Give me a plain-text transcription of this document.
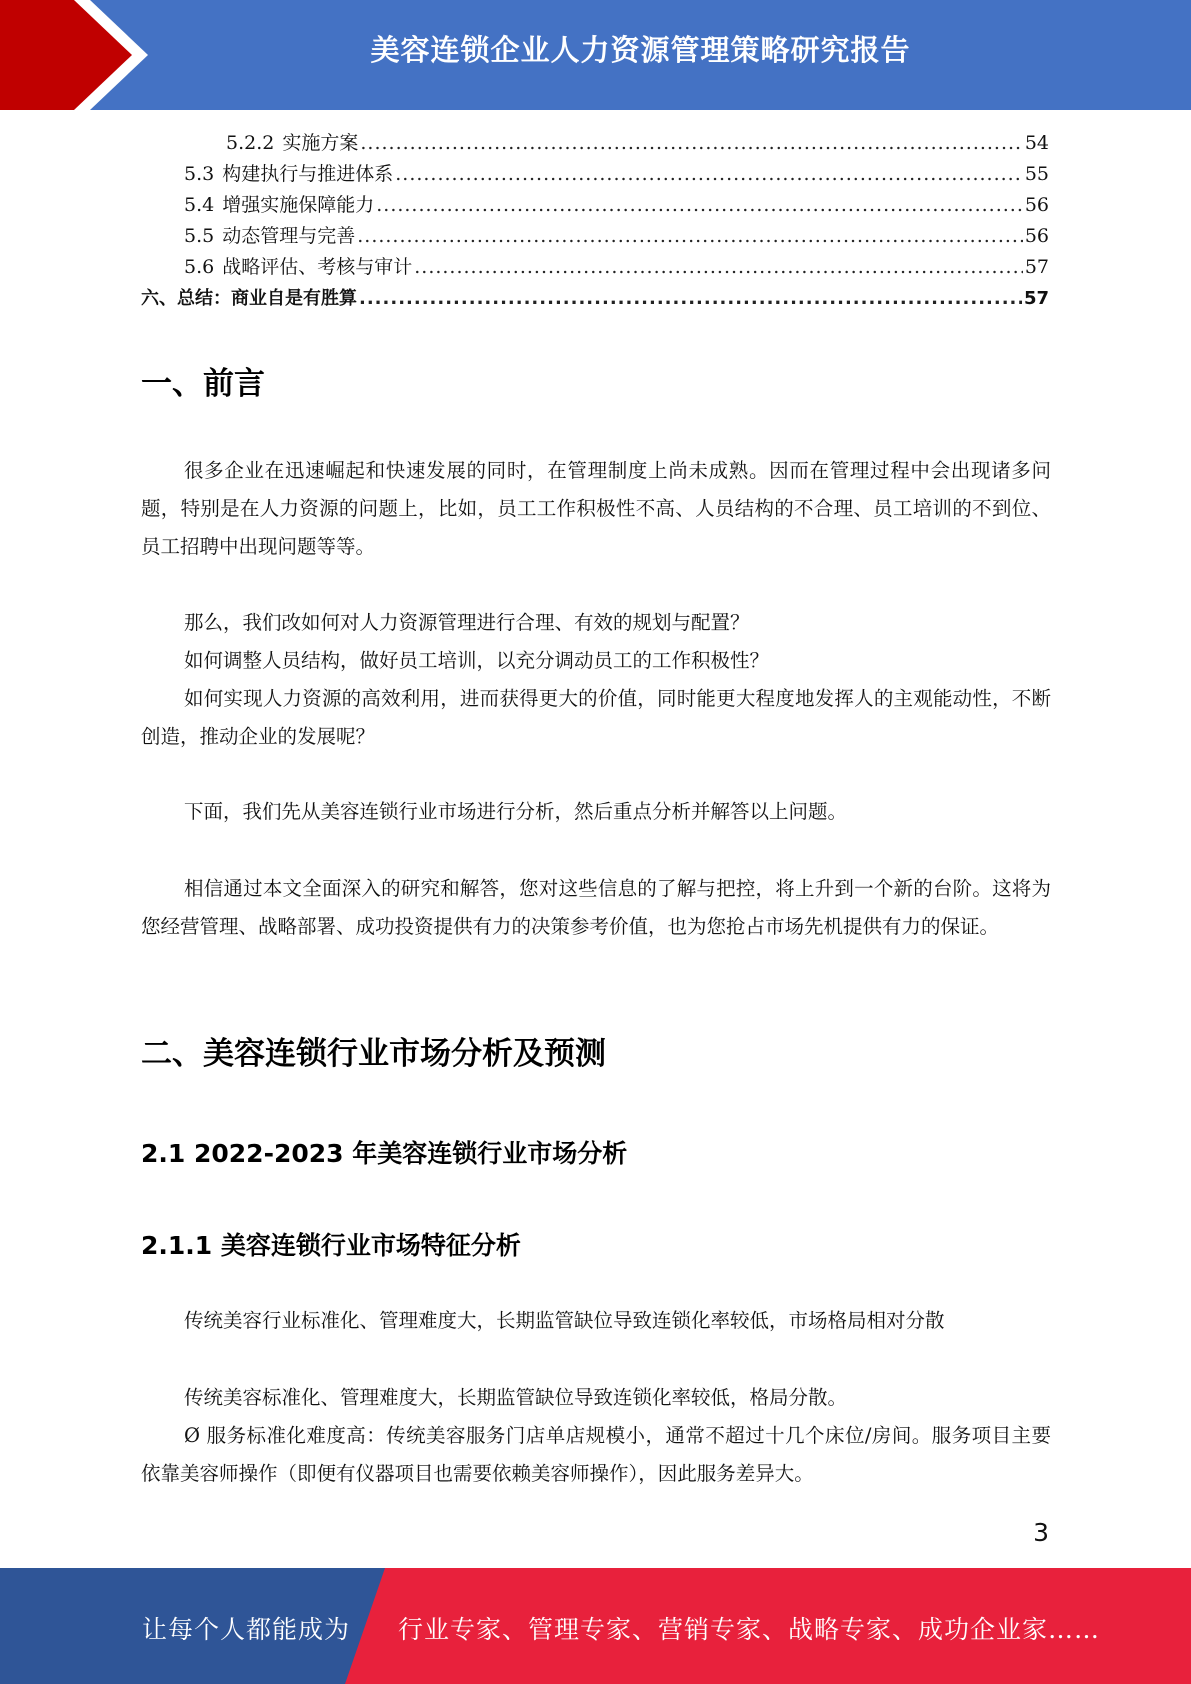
美容连锁企业人力资源管理策略研究报告
5.2.2 实施方案 .....	54
5.3 构建执行与推进体系 .....	55
5.4 增强实施保障能力 .....	56
5.5 动态管理与完善 .....	56
5.6 战略评估、考核与审计 .....	57
六、总结：商业自是有胜算 .....	57
一、前言

很多企业在迅速崛起和快速发展的同时，在管理制度上尚未成熟。因而在管理过程中会出现诸多问题，特别是在人力资源的问题上，比如，员工工作积极性不高、人员结构的不合理、员工培训的不到位、员工招聘中出现问题等等。

那么，我们改如何对人力资源管理进行合理、有效的规划与配置？

如何调整人员结构，做好员工培训，以充分调动员工的工作积极性？

如何实现人力资源的高效利用，进而获得更大的价值，同时能更大程度地发挥人的主观能动性，不断创造，推动企业的发展呢？

下面，我们先从美容连锁行业市场进行分析，然后重点分析并解答以上问题。

相信通过本文全面深入的研究和解答，您对这些信息的了解与把控，将上升到一个新的台阶。这将为您经营管理、战略部署、成功投资提供有力的决策参考价值，也为您抢占市场先机提供有力的保证。

二、美容连锁行业市场分析及预测
2.1 2022-2023 年美容连锁行业市场分析
2.1.1 美容连锁行业市场特征分析

传统美容行业标准化、管理难度大，长期监管缺位导致连锁化率较低，市场格局相对分散

传统美容标准化、管理难度大，长期监管缺位导致连锁化率较低，格局分散。

Ø 服务标准化难度高：传统美容服务门店单店规模小，通常不超过十几个床位/房间。服务项目主要依靠美容师操作（即便有仪器项目也需要依赖美容师操作），因此服务差异大。

3
让每个人都能成为 行业专家、管理专家、营销专家、战略专家、成功企业家……
